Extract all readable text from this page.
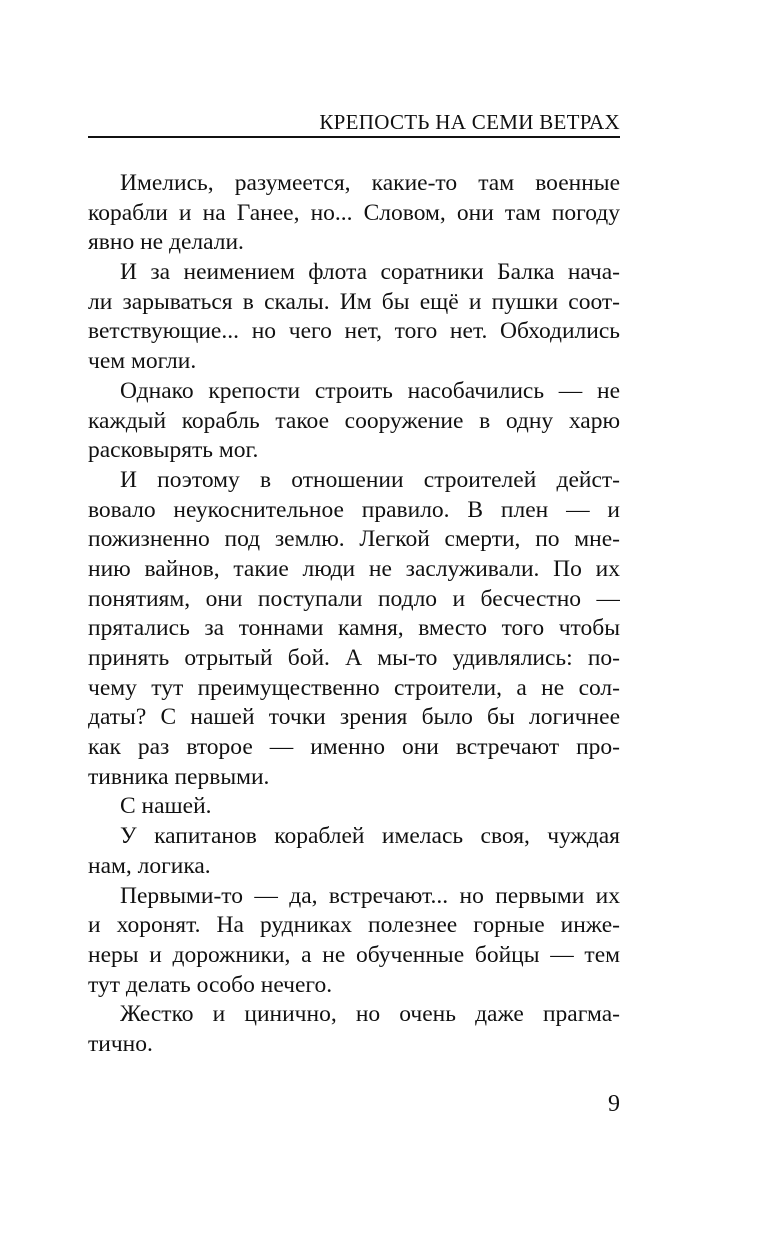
КРЕПОСТЬ НА СЕМИ ВЕТРАХ
Имелись, разумеется, какие-то там военные
корабли и на Ганее, но... Словом, они там погоду
явно не делали.
И за неимением флота соратники Балка нача-
ли зарываться в скалы. Им бы ещё и пушки соот-
ветствующие... но чего нет, того нет. Обходились
чем могли.
Однако крепости строить насобачились — не
каждый корабль такое сооружение в одну харю
расковырять мог.
И поэтому в отношении строителей дейст-
вовало неукоснительное правило. В плен — и
пожизненно под землю. Легкой смерти, по мне-
нию вайнов, такие люди не заслуживали. По их
понятиям, они поступали подло и бесчестно —
прятались за тоннами камня, вместо того чтобы
принять отрытый бой. А мы-то удивлялись: по-
чему тут преимущественно строители, а не сол-
даты? С нашей точки зрения было бы логичнее
как раз второе — именно они встречают про-
тивника первыми.
С нашей.
У капитанов кораблей имелась своя, чуждая
нам, логика.
Первыми-то — да, встречают... но первыми их
и хоронят. На рудниках полезнее горные инже-
неры и дорожники, а не обученные бойцы — тем
тут делать особо нечего.
Жестко и цинично, но очень даже прагма-
тично.
9
